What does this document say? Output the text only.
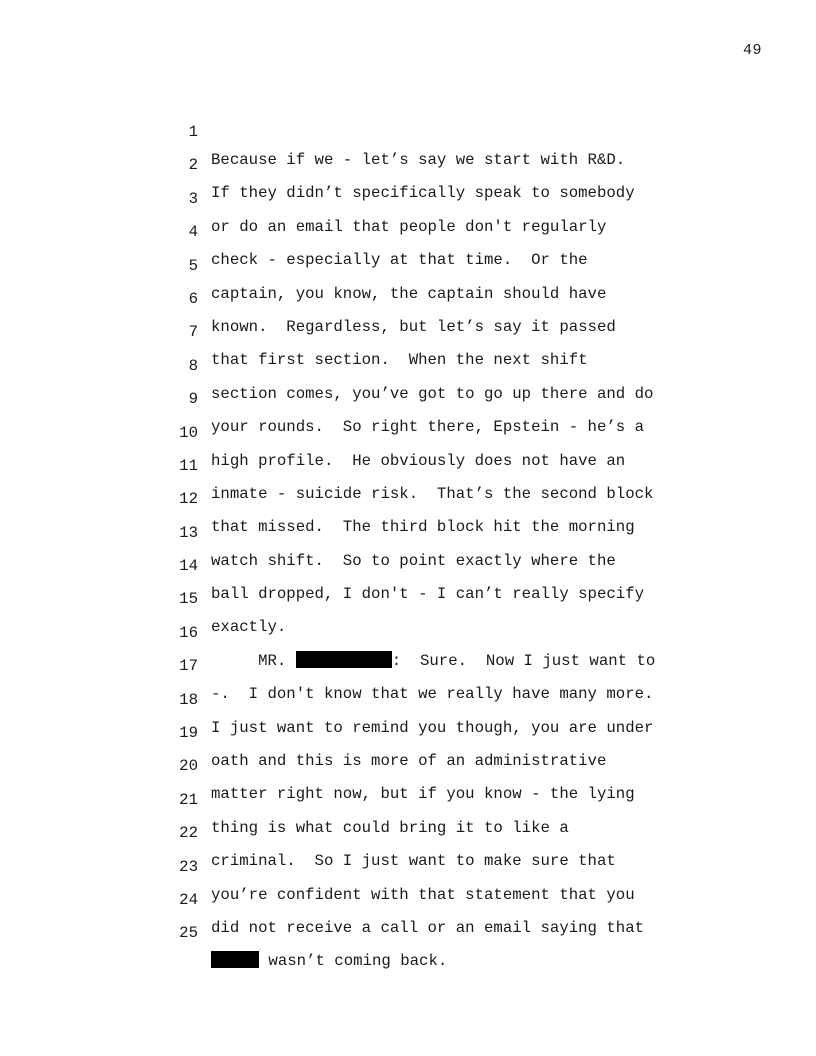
49

1

Because if we - let’s say we start with R&D.

2

If they didn’t specifically speak to somebody

3

or do an email that people don't regularly

4

check - especially at that time.  Or the

5

captain, you know, the captain should have

6

known.  Regardless, but let’s say it passed

7

that first section.  When the next shift

8

section comes, you’ve got to go up there and do

9

your rounds.  So right there, Epstein - he’s a

10

high profile.  He obviously does not have an

11

inmate - suicide risk.  That’s the second block

12

that missed.  The third block hit the morning

13

watch shift.  So to point exactly where the

14

ball dropped, I don't - I can’t really specify

15

exactly.

16

MR.	:  Sure.  Now I just want to

17

-.  I don't know that we really have many more.

18

I just want to remind you though, you are under

19

oath and this is more of an administrative

20

matter right now, but if you know - the lying

21

thing is what could bring it to like a

22

criminal.  So I just want to make sure that

23

you’re confident with that statement that you

24

did not receive a call or an email saying that

25

wasn’t coming back.
